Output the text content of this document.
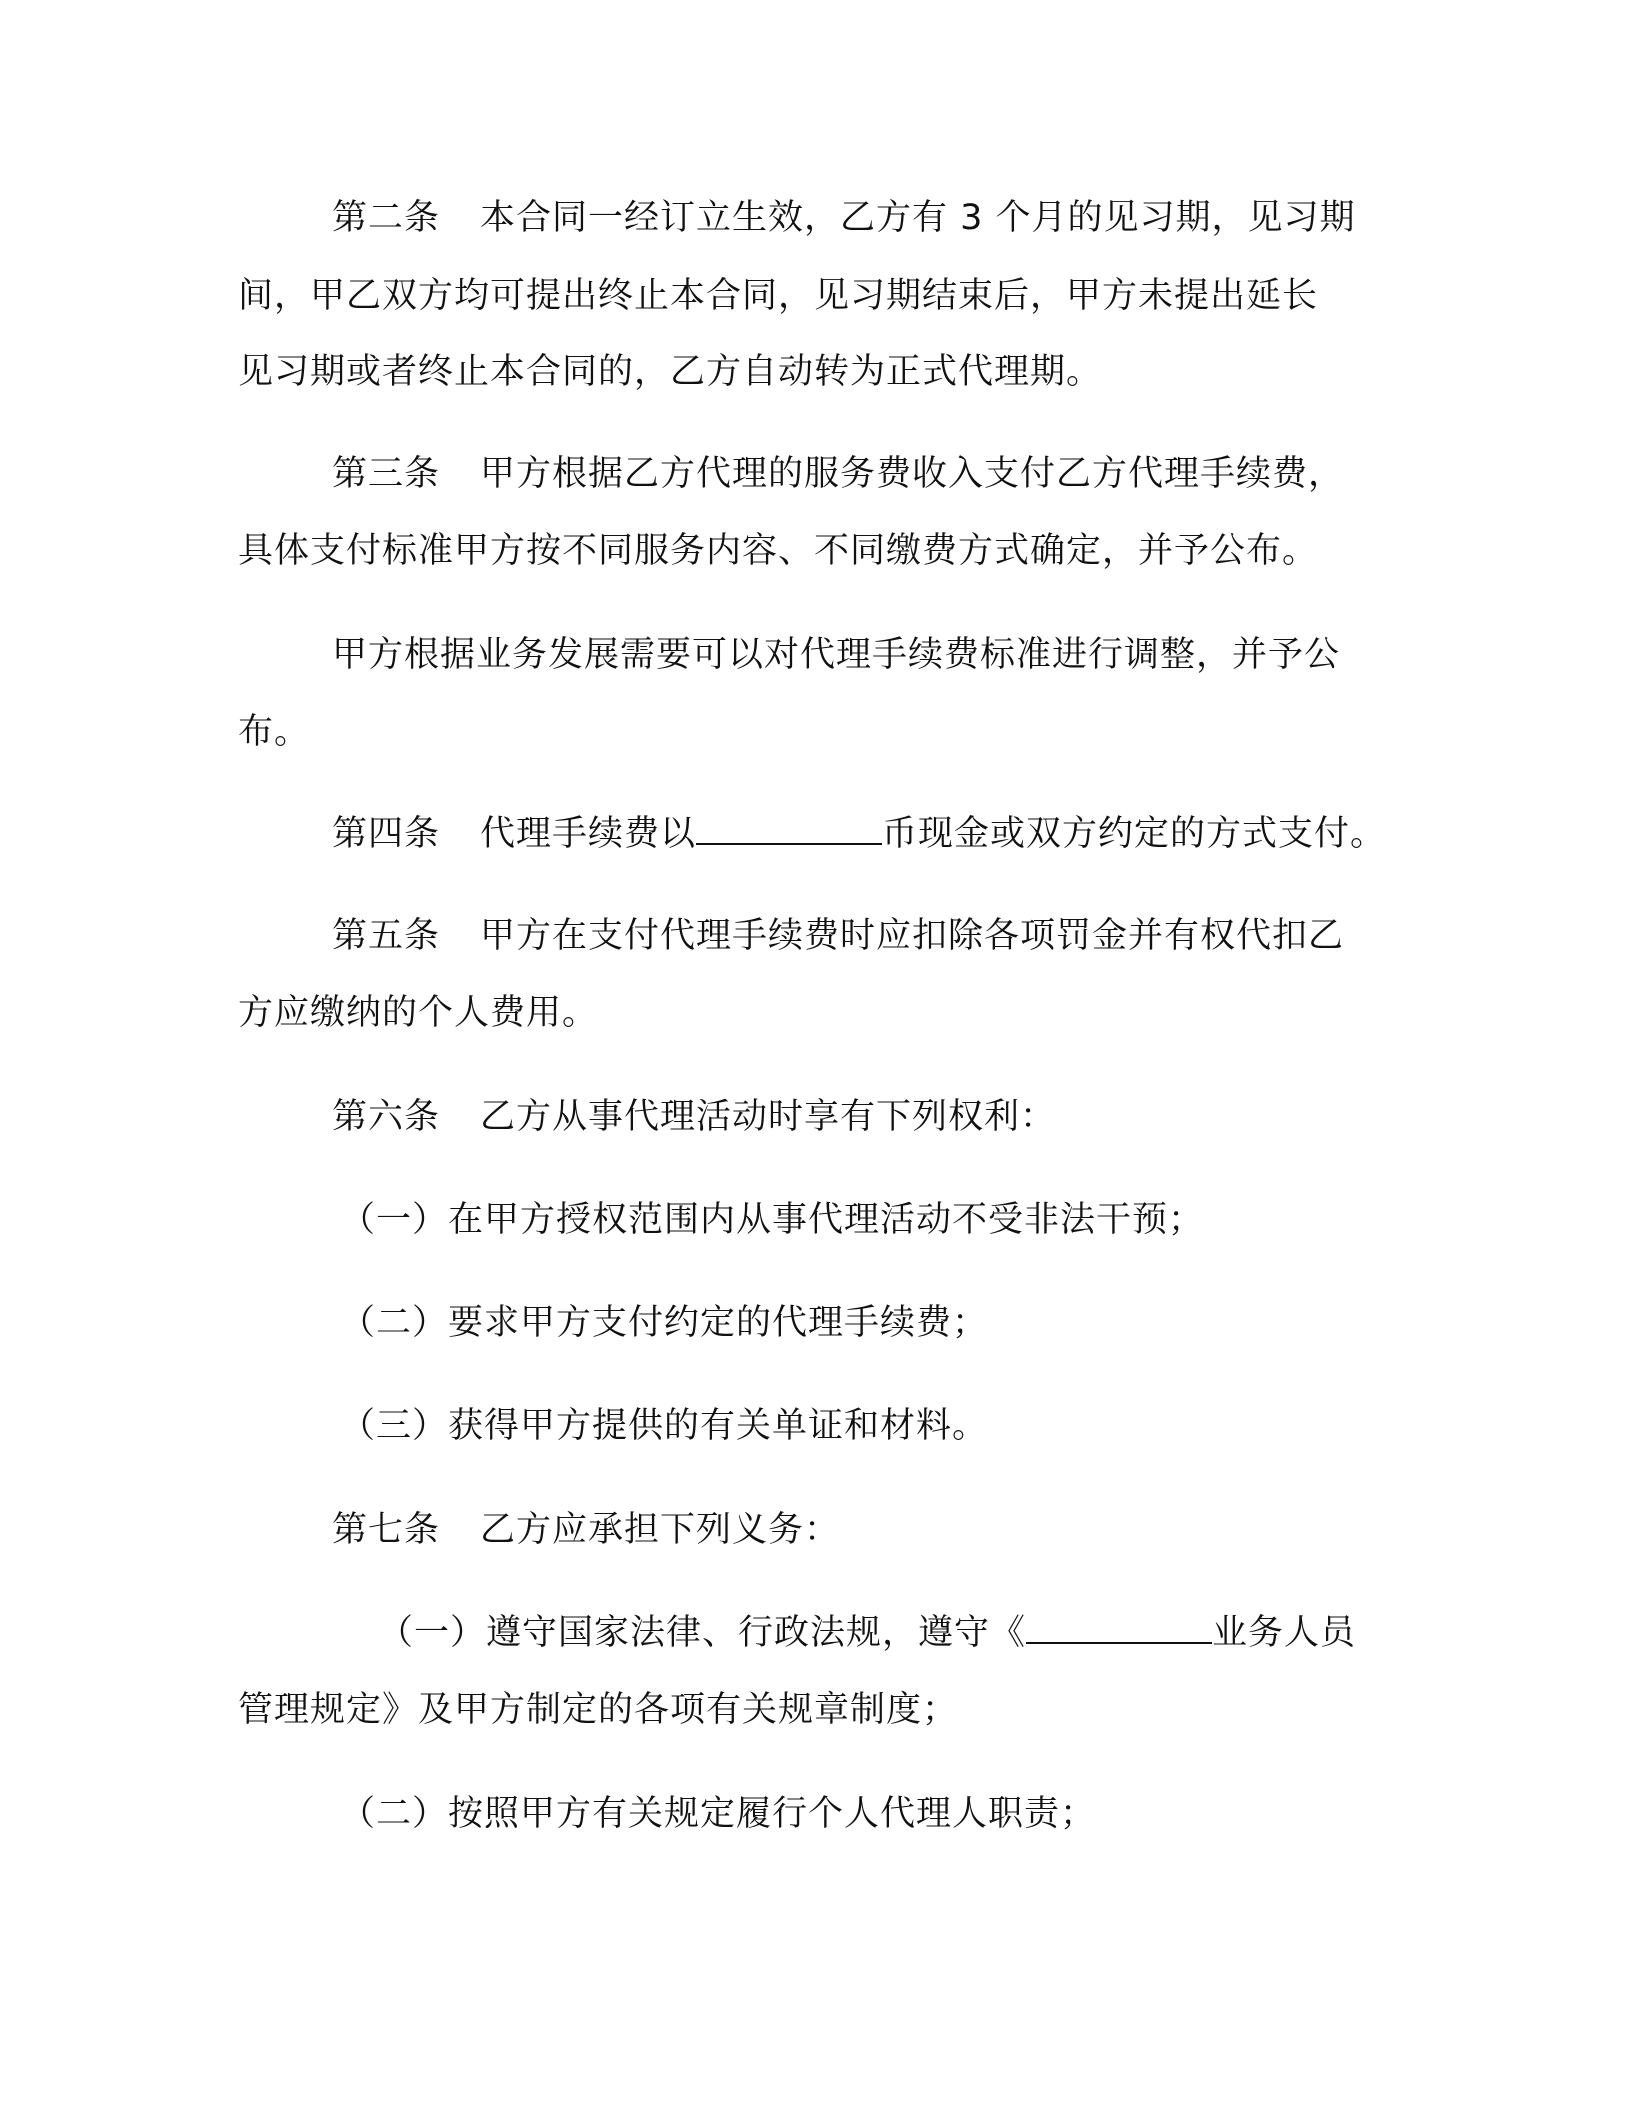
第二条 本合同一经订立生效，乙方有 3 个月的见习期，见习期
间，甲乙双方均可提出终止本合同，见习期结束后，甲方未提出延长
见习期或者终止本合同的，乙方自动转为正式代理期。
第三条 甲方根据乙方代理的服务费收入支付乙方代理手续费，
具体支付标准甲方按不同服务内容、不同缴费方式确定，并予公布。
甲方根据业务发展需要可以对代理手续费标准进行调整，并予公
布。
第四条 代理手续费以	币现金或双方约定的方式支付。
第五条 甲方在支付代理手续费时应扣除各项罚金并有权代扣乙
方应缴纳的个人费用。
第六条 乙方从事代理活动时享有下列权利：
（一）在甲方授权范围内从事代理活动不受非法干预；
（二）要求甲方支付约定的代理手续费；
（三）获得甲方提供的有关单证和材料。
第七条 乙方应承担下列义务：
（一）遵守国家法律、行政法规，遵守《	业务人员
管理规定》及甲方制定的各项有关规章制度；
（二）按照甲方有关规定履行个人代理人职责；
